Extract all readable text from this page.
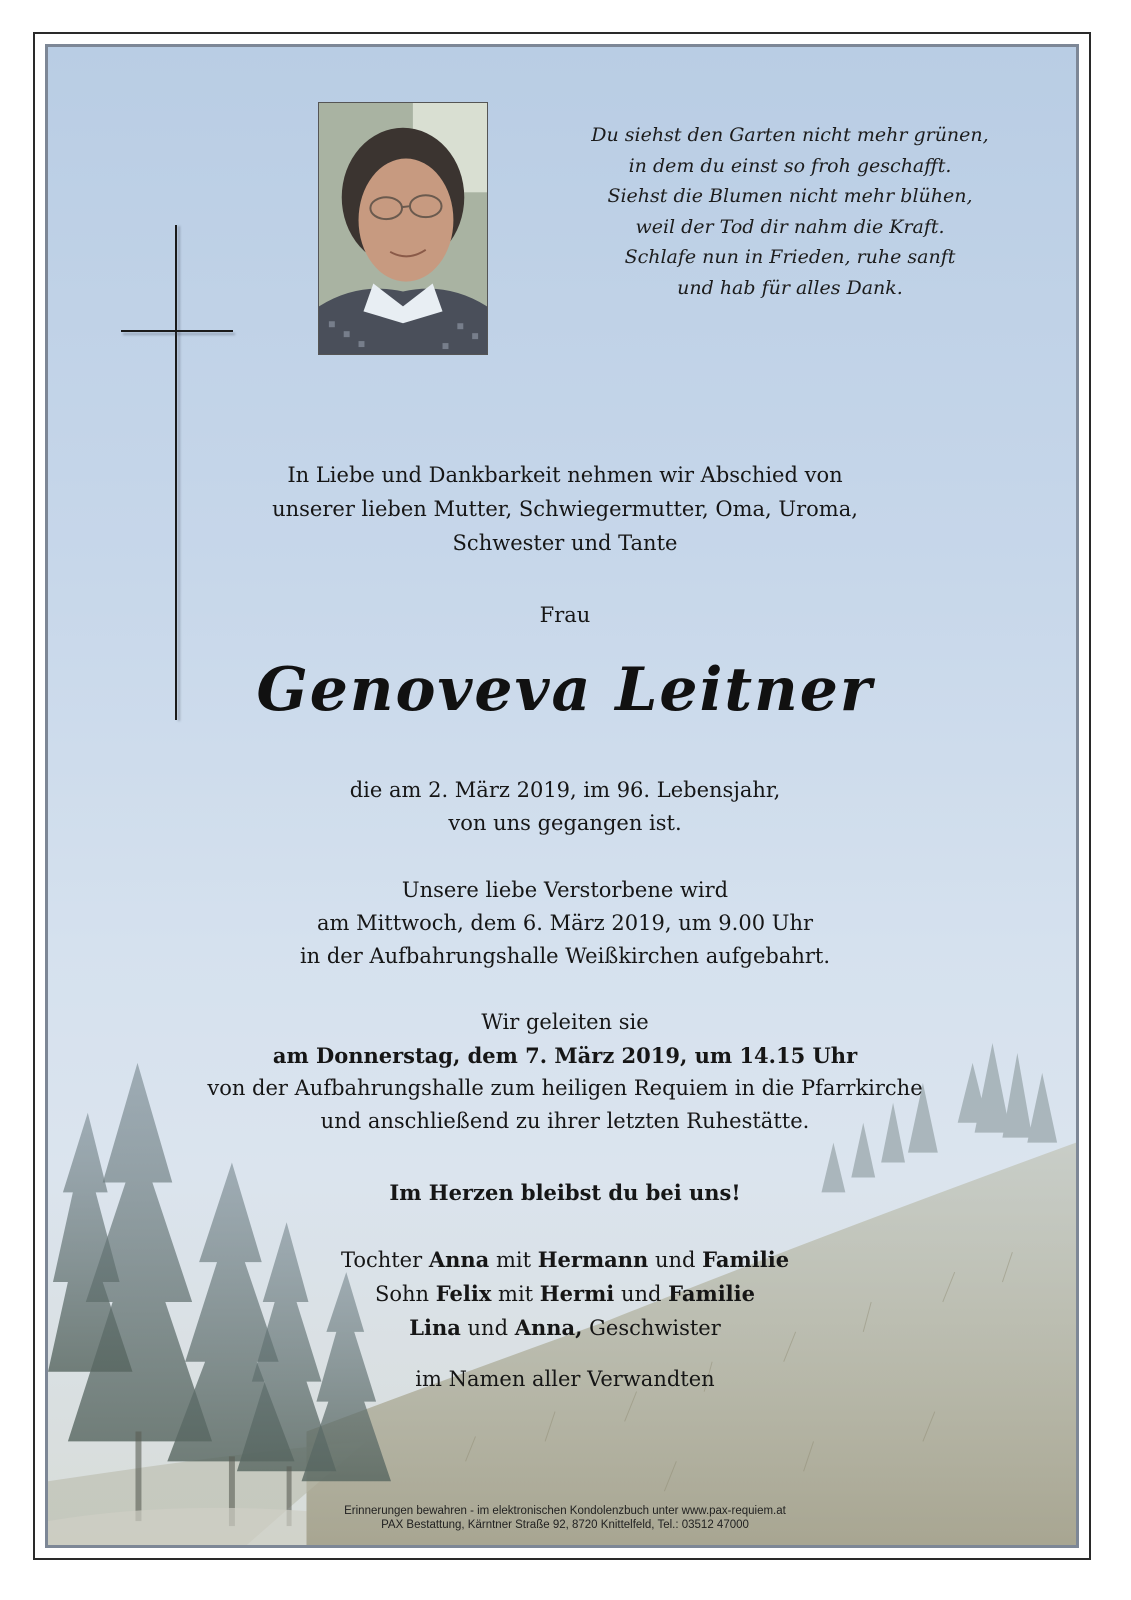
Du siehst den Garten nicht mehr grünen,
in dem du einst so froh geschafft.
Siehst die Blumen nicht mehr blühen,
weil der Tod dir nahm die Kraft.
Schlafe nun in Frieden, ruhe sanft
und hab für alles Dank.
In Liebe und Dankbarkeit nehmen wir Abschied von
unserer lieben Mutter, Schwiegermutter, Oma, Uroma,
Schwester und Tante
Frau
Genoveva Leitner
die am 2. März 2019, im 96. Lebensjahr,
von uns gegangen ist.
Unsere liebe Verstorbene wird
am Mittwoch, dem 6. März 2019, um 9.00 Uhr
in der Aufbahrungshalle Weißkirchen aufgebahrt.
Wir geleiten sie
am Donnerstag, dem 7. März 2019, um 14.15 Uhr
von der Aufbahrungshalle zum heiligen Requiem in die Pfarrkirche
und anschließend zu ihrer letzten Ruhestätte.
Im Herzen bleibst du bei uns!
Tochter Anna mit Hermann und Familie
Sohn Felix mit Hermi und Familie
Lina und Anna, Geschwister
im Namen aller Verwandten
Erinnerungen bewahren - im elektronischen Kondolenzbuch unter www.pax-requiem.at
PAX Bestattung, Kärntner Straße 92, 8720 Knittelfeld, Tel.: 03512 47000
